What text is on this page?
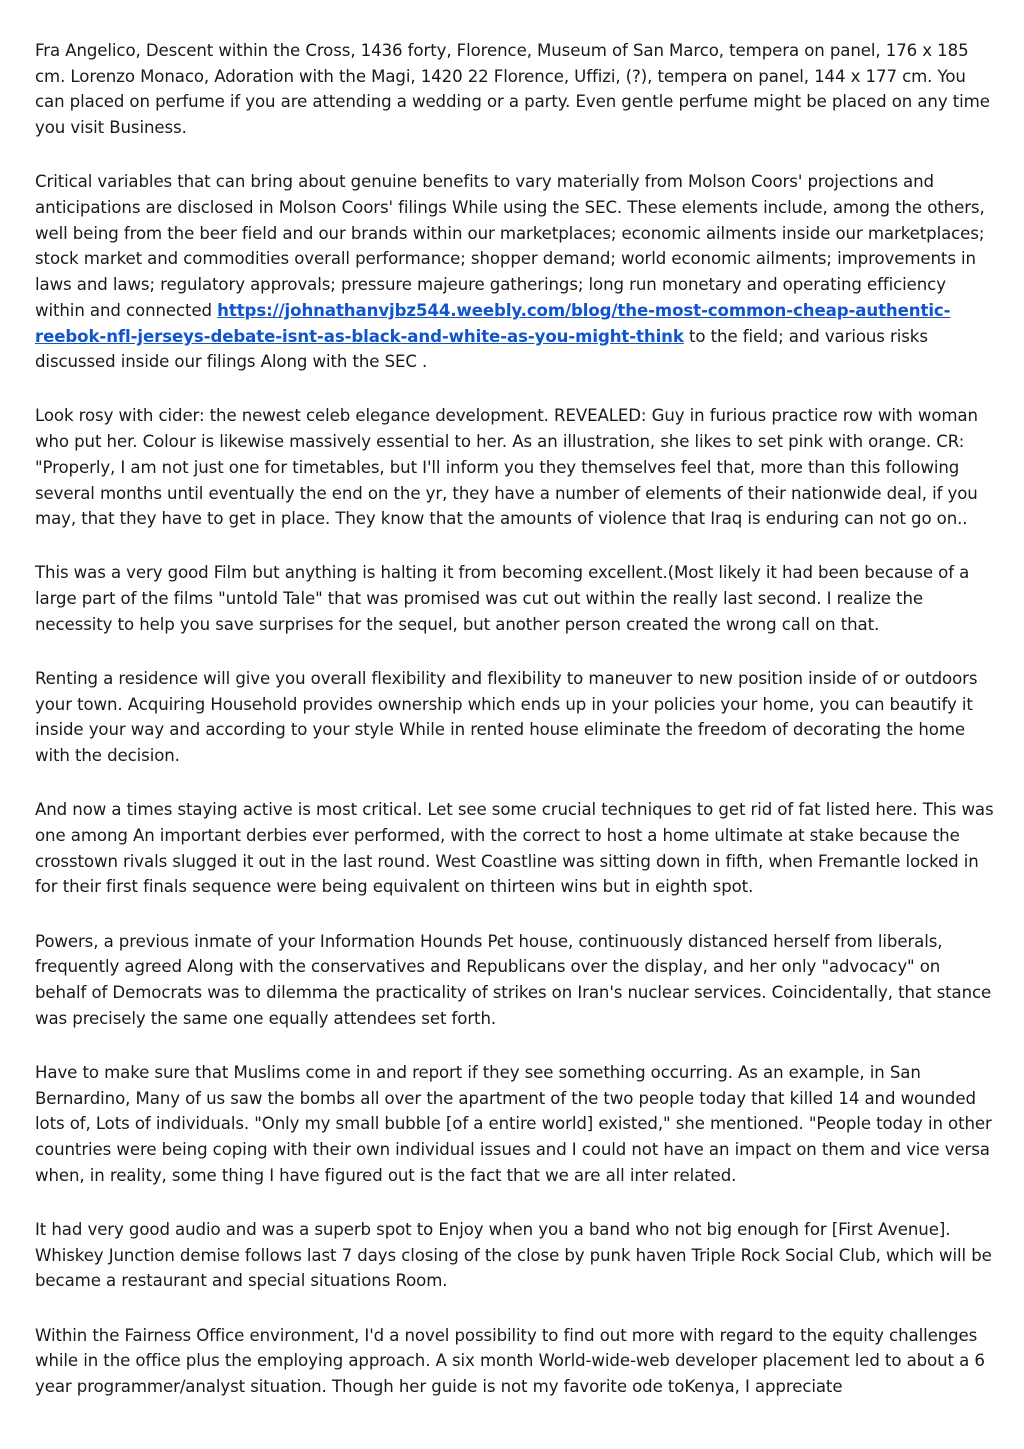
Fra Angelico, Descent within the Cross, 1436 forty, Florence, Museum of San Marco, tempera on panel, 176 x 185 cm. Lorenzo Monaco, Adoration with the Magi, 1420 22 Florence, Uffizi, (?), tempera on panel, 144 x 177 cm. You can placed on perfume if you are attending a wedding or a party. Even gentle perfume might be placed on any time you visit Business.

Critical variables that can bring about genuine benefits to vary materially from Molson Coors' projections and anticipations are disclosed in Molson Coors' filings While using the SEC. These elements include, among the others, well being from the beer field and our brands within our marketplaces; economic ailments inside our marketplaces; stock market and commodities overall performance; shopper demand; world economic ailments; improvements in laws and laws; regulatory approvals; pressure majeure gatherings; long run monetary and operating efficiency within and connected https://johnathanvjbz544.weebly.com/blog/the-most-common-cheap-authentic-reebok-nfl-jerseys-debate-isnt-as-black-and-white-as-you-might-think to the field; and various risks discussed inside our filings Along with the SEC .

Look rosy with cider: the newest celeb elegance development. REVEALED: Guy in furious practice row with woman who put her. Colour is likewise massively essential to her. As an illustration, she likes to set pink with orange. CR: "Properly, I am not just one for timetables, but I'll inform you they themselves feel that, more than this following several months until eventually the end on the yr, they have a number of elements of their nationwide deal, if you may, that they have to get in place. They know that the amounts of violence that Iraq is enduring can not go on..

This was a very good Film but anything is halting it from becoming excellent.(Most likely it had been because of a large part of the films "untold Tale" that was promised was cut out within the really last second. I realize the necessity to help you save surprises for the sequel, but another person created the wrong call on that.

Renting a residence will give you overall flexibility and flexibility to maneuver to new position inside of or outdoors your town. Acquiring Household provides ownership which ends up in your policies your home, you can beautify it inside your way and according to your style While in rented house eliminate the freedom of decorating the home with the decision.

And now a times staying active is most critical. Let see some crucial techniques to get rid of fat listed here. This was one among An important derbies ever performed, with the correct to host a home ultimate at stake because the crosstown rivals slugged it out in the last round. West Coastline was sitting down in fifth, when Fremantle locked in for their first finals sequence were being equivalent on thirteen wins but in eighth spot.

Powers, a previous inmate of your Information Hounds Pet house, continuously distanced herself from liberals, frequently agreed Along with the conservatives and Republicans over the display, and her only "advocacy" on behalf of Democrats was to dilemma the practicality of strikes on Iran's nuclear services. Coincidentally, that stance was precisely the same one equally attendees set forth.

Have to make sure that Muslims come in and report if they see something occurring. As an example, in San Bernardino, Many of us saw the bombs all over the apartment of the two people today that killed 14 and wounded lots of, Lots of individuals. "Only my small bubble [of a entire world] existed," she mentioned. "People today in other countries were being coping with their own individual issues and I could not have an impact on them and vice versa when, in reality, some thing I have figured out is the fact that we are all inter related.

It had very good audio and was a superb spot to Enjoy when you a band who not big enough for [First Avenue]. Whiskey Junction demise follows last 7 days closing of the close by punk haven Triple Rock Social Club, which will be became a restaurant and special situations Room.

Within the Fairness Office environment, I'd a novel possibility to find out more with regard to the equity challenges while in the office plus the employing approach. A six month World-wide-web developer placement led to about a 6 year programmer/analyst situation. Though her guide is not my favorite ode toKenya, I appreciate
